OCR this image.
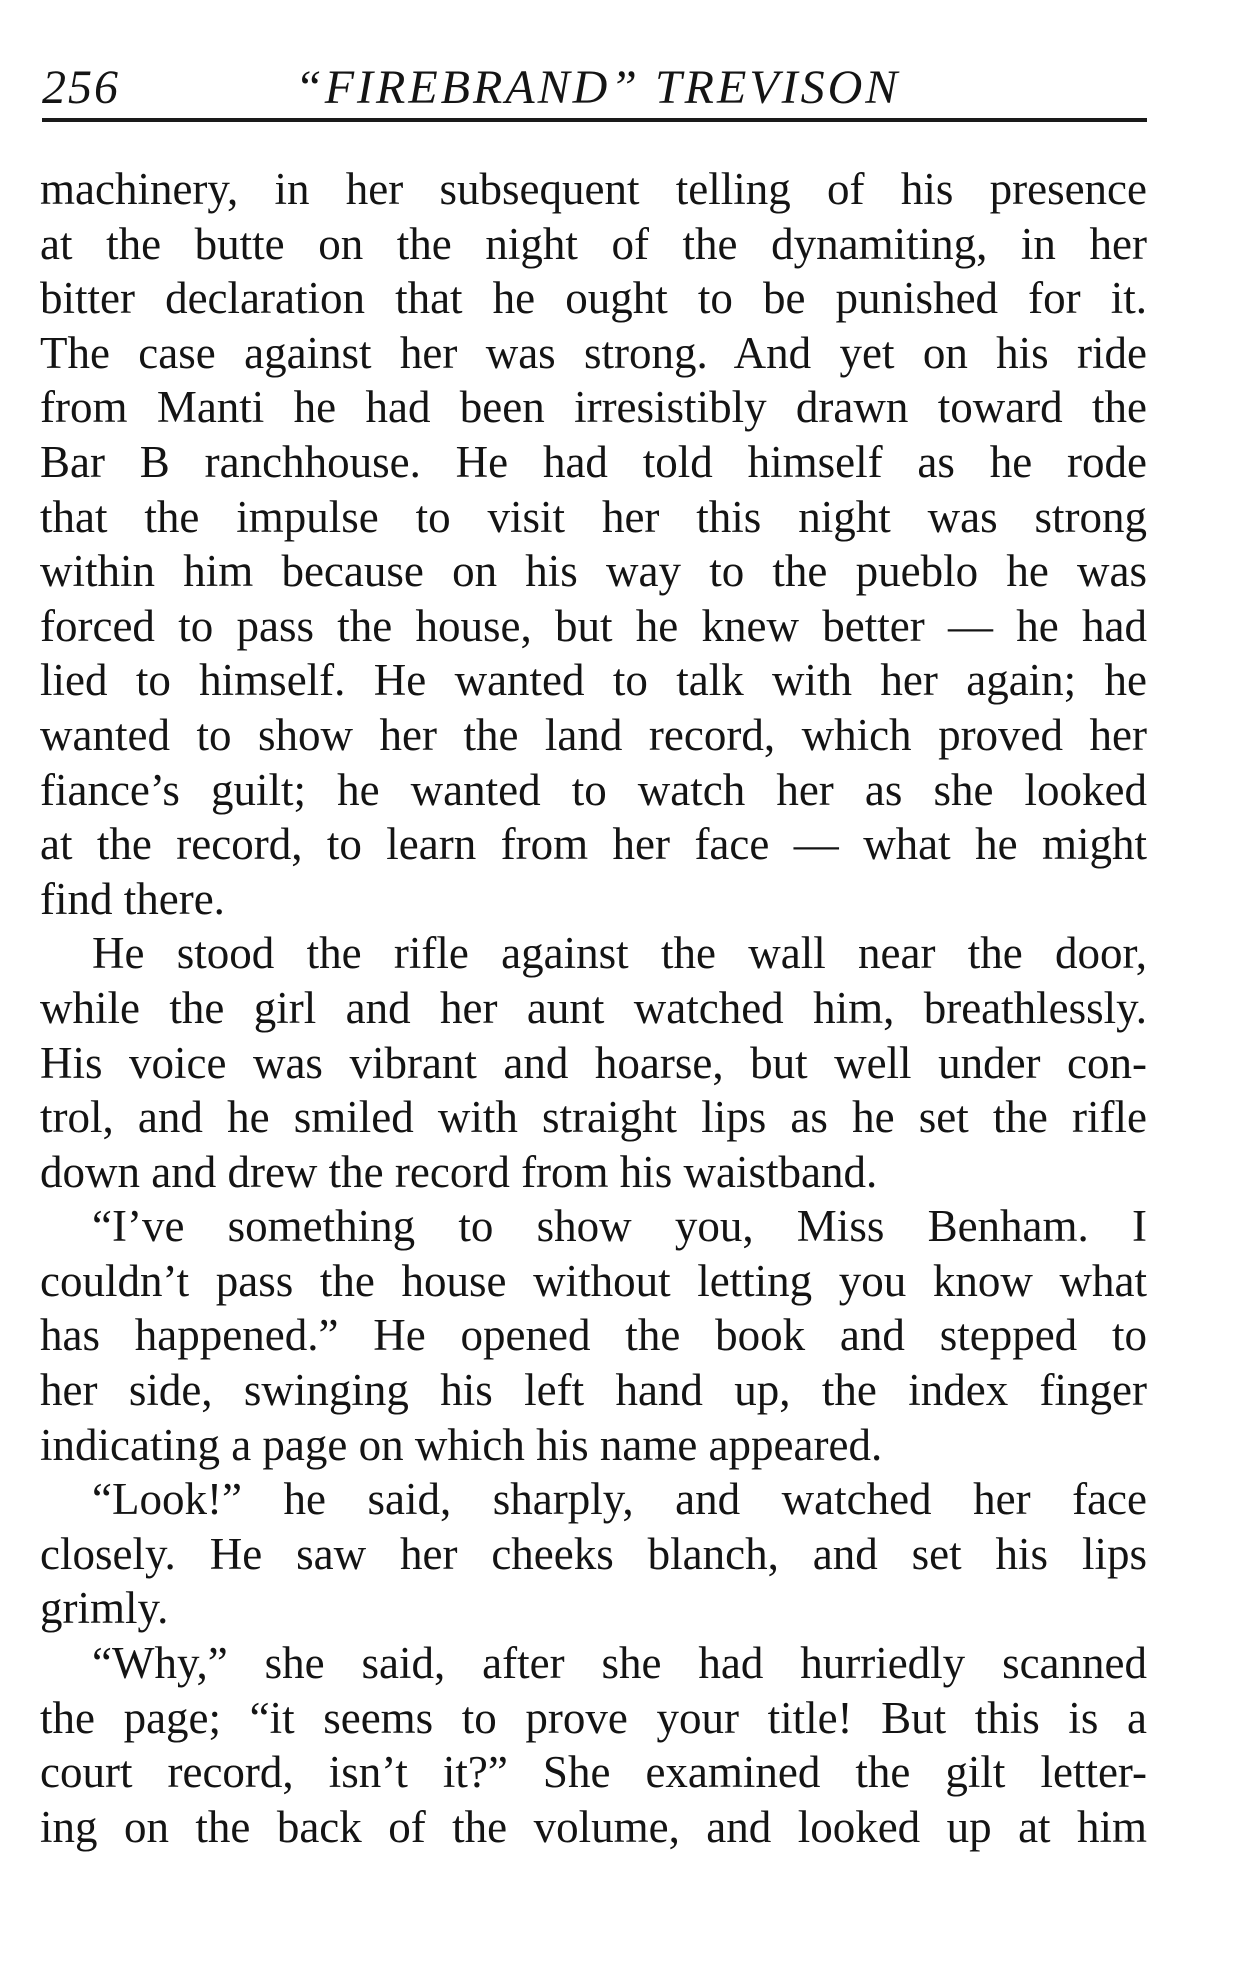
256	“FIREBRAND” TREVISON
machinery, in her subsequent telling of his presence
at the butte on the night of the dynamiting, in her
bitter declaration that he ought to be punished for it.
The case against her was strong. And yet on his ride
from Manti he had been irresistibly drawn toward the
Bar B ranchhouse. He had told himself as he rode
that the impulse to visit her this night was strong
within him because on his way to the pueblo he was
forced to pass the house, but he knew better — he had
lied to himself. He wanted to talk with her again; he
wanted to show her the land record, which proved her
fiance’s guilt; he wanted to watch her as she looked
at the record, to learn from her face — what he might
find there.
He stood the rifle against the wall near the door,
while the girl and her aunt watched him, breathlessly.
His voice was vibrant and hoarse, but well under con-
trol, and he smiled with straight lips as he set the rifle
down and drew the record from his waistband.
“I’ve something to show you, Miss Benham. I
couldn’t pass the house without letting you know what
has happened.” He opened the book and stepped to
her side, swinging his left hand up, the index finger
indicating a page on which his name appeared.
“Look!” he said, sharply, and watched her face
closely. He saw her cheeks blanch, and set his lips
grimly.
“Why,” she said, after she had hurriedly scanned
the page; “it seems to prove your title! But this is a
court record, isn’t it?” She examined the gilt letter-
ing on the back of the volume, and looked up at him
